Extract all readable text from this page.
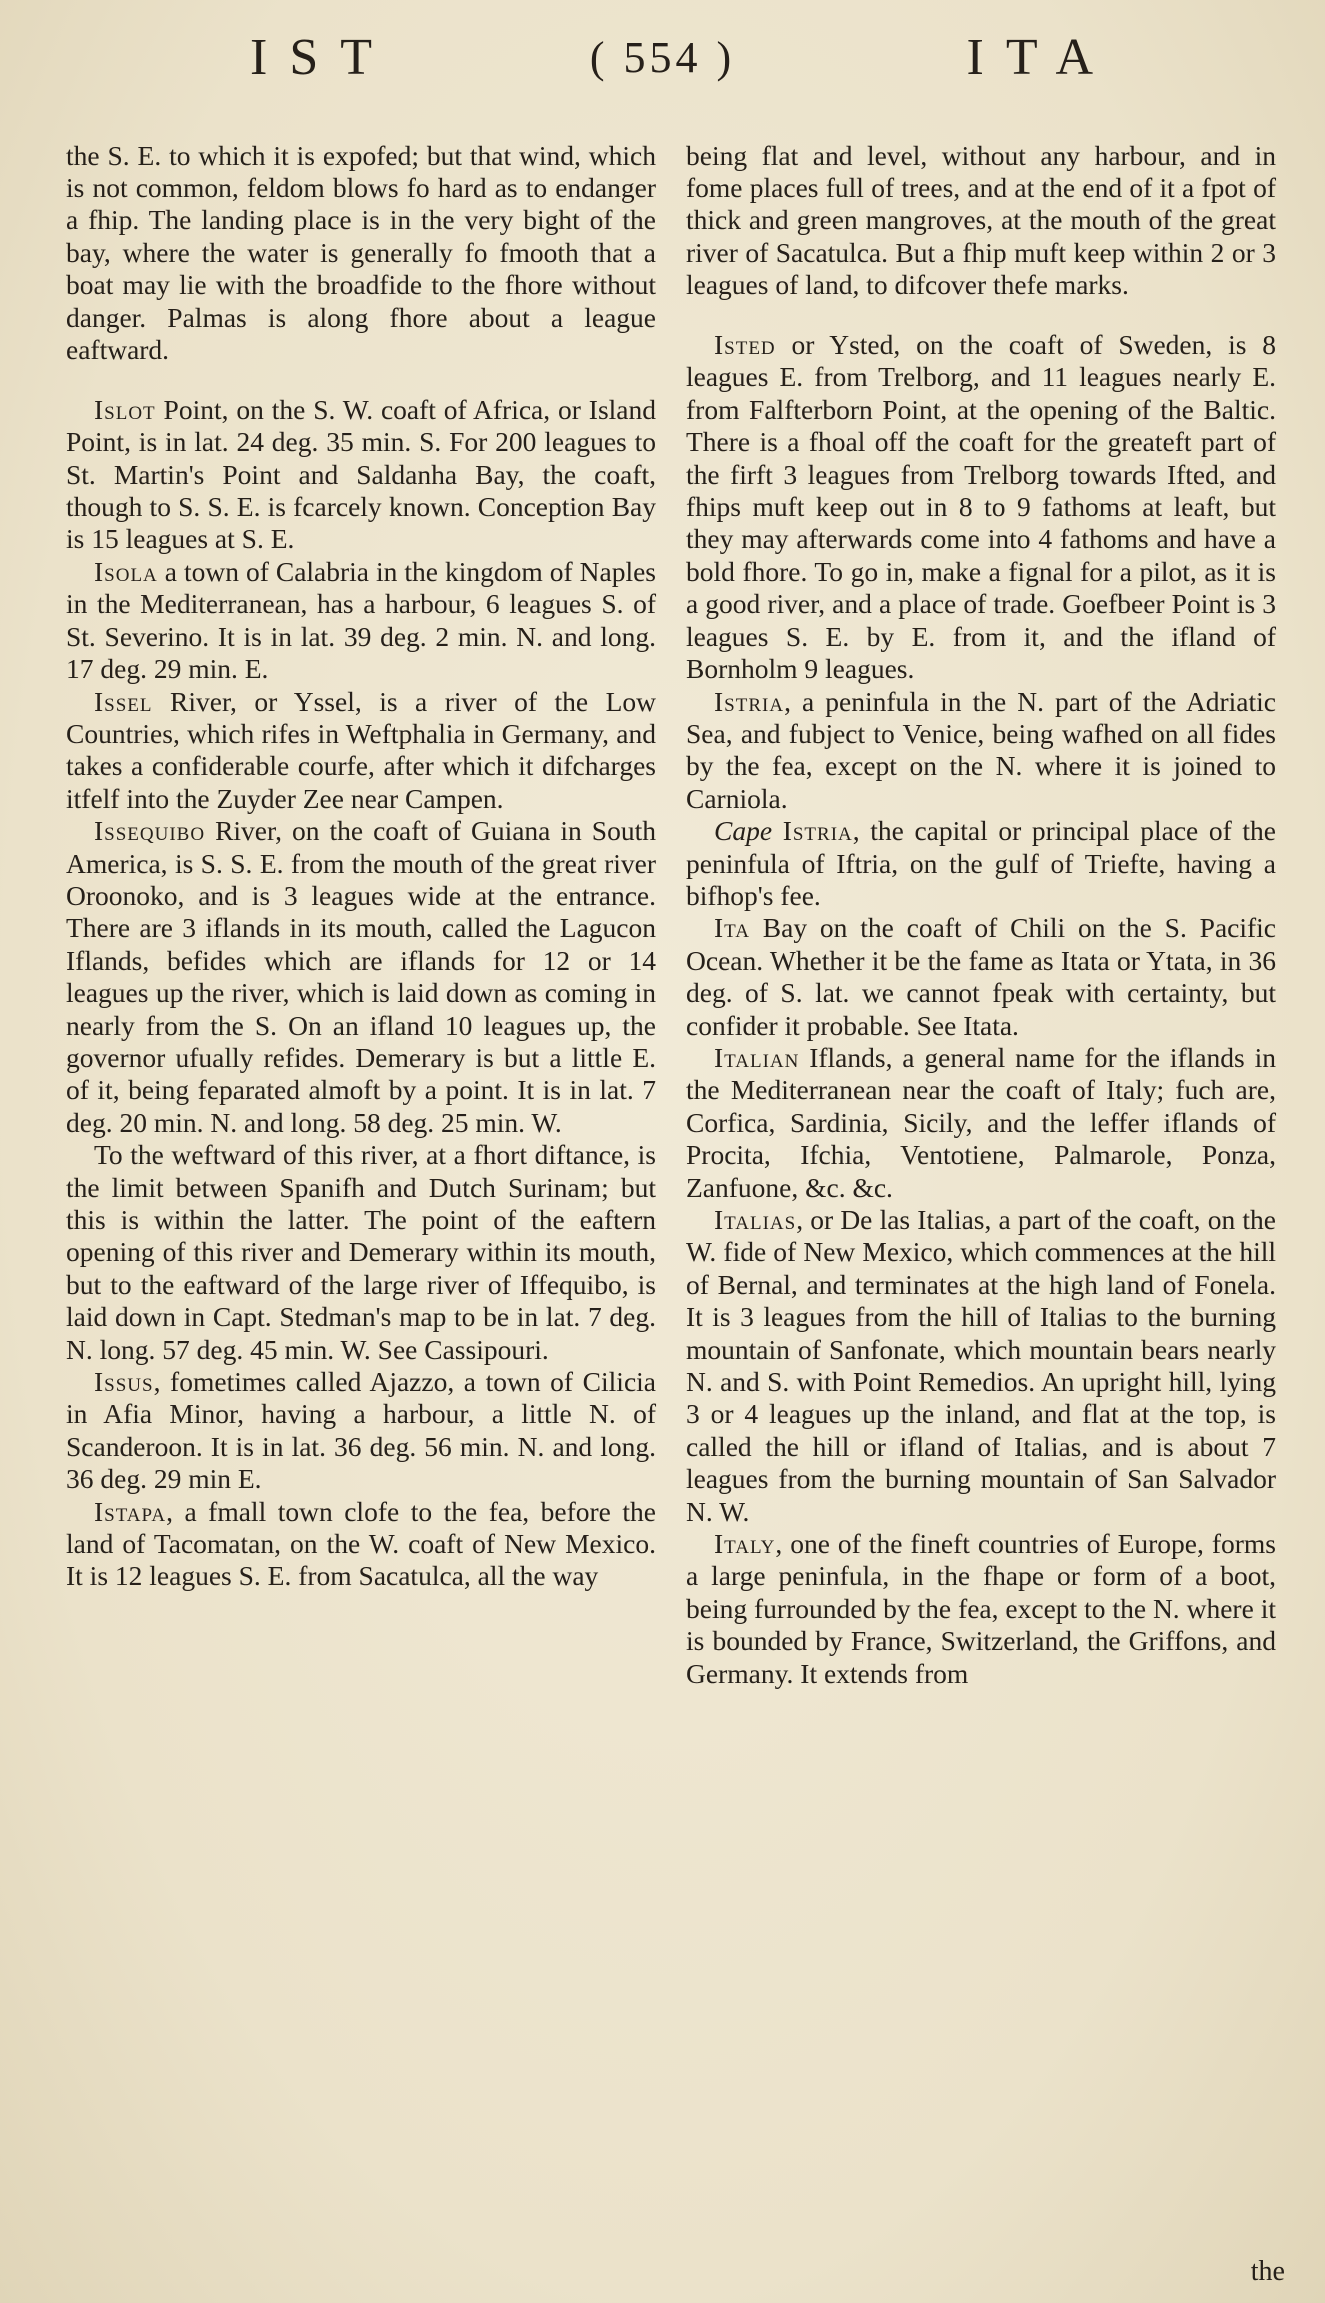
IST	( 554 )	ITA

the S. E. to which it is expofed; but that wind, which is not common, feldom blows fo hard as to endanger a fhip. The landing place is in the very bight of the bay, where the water is generally fo fmooth that a boat may lie with the broadfide to the fhore without danger. Palmas is along fhore about a league eaftward.

Islot Point, on the S. W. coaft of Africa, or Island Point, is in lat. 24 deg. 35 min. S. For 200 leagues to St. Martin's Point and Saldanha Bay, the coaft, though to S. S. E. is fcarcely known. Conception Bay is 15 leagues at S. E.

Isola a town of Calabria in the kingdom of Naples in the Mediterranean, has a harbour, 6 leagues S. of St. Severino. It is in lat. 39 deg. 2 min. N. and long. 17 deg. 29 min. E.

Issel River, or Yssel, is a river of the Low Countries, which rifes in Weftphalia in Germany, and takes a confiderable courfe, after which it difcharges itfelf into the Zuyder Zee near Campen.

Issequibo River, on the coaft of Guiana in South America, is S. S. E. from the mouth of the great river Oroonoko, and is 3 leagues wide at the entrance. There are 3 iflands in its mouth, called the Lagucon Iflands, befides which are iflands for 12 or 14 leagues up the river, which is laid down as coming in nearly from the S. On an ifland 10 leagues up, the governor ufually refides. Demerary is but a little E. of it, being feparated almoft by a point. It is in lat. 7 deg. 20 min. N. and long. 58 deg. 25 min. W.

To the weftward of this river, at a fhort diftance, is the limit between Spanifh and Dutch Surinam; but this is within the latter. The point of the eaftern opening of this river and Demerary within its mouth, but to the eaftward of the large river of Iffequibo, is laid down in Capt. Stedman's map to be in lat. 7 deg. N. long. 57 deg. 45 min. W. See Cassipouri.

Issus, fometimes called Ajazzo, a town of Cilicia in Afia Minor, having a harbour, a little N. of Scanderoon. It is in lat. 36 deg. 56 min. N. and long. 36 deg. 29 min E.

Istapa, a fmall town clofe to the fea, before the land of Tacomatan, on the W. coaft of New Mexico. It is 12 leagues S. E. from Sacatulca, all the way

being flat and level, without any harbour, and in fome places full of trees, and at the end of it a fpot of thick and green mangroves, at the mouth of the great river of Sacatulca. But a fhip muft keep within 2 or 3 leagues of land, to difcover thefe marks.

Isted or Ysted, on the coaft of Sweden, is 8 leagues E. from Trelborg, and 11 leagues nearly E. from Falfterborn Point, at the opening of the Baltic. There is a fhoal off the coaft for the greateft part of the firft 3 leagues from Trelborg towards Ifted, and fhips muft keep out in 8 to 9 fathoms at leaft, but they may afterwards come into 4 fathoms and have a bold fhore. To go in, make a fignal for a pilot, as it is a good river, and a place of trade. Goefbeer Point is 3 leagues S. E. by E. from it, and the ifland of Bornholm 9 leagues.

Istria, a peninfula in the N. part of the Adriatic Sea, and fubject to Venice, being wafhed on all fides by the fea, except on the N. where it is joined to Carniola.

Cape Istria, the capital or principal place of the peninfula of Iftria, on the gulf of Triefte, having a bifhop's fee.

Ita Bay on the coaft of Chili on the S. Pacific Ocean. Whether it be the fame as Itata or Ytata, in 36 deg. of S. lat. we cannot fpeak with certainty, but confider it probable. See Itata.

Italian Iflands, a general name for the iflands in the Mediterranean near the coaft of Italy; fuch are, Corfica, Sardinia, Sicily, and the leffer iflands of Procita, Ifchia, Ventotiene, Palmarole, Ponza, Zanfuone, &c. &c.

Italias, or De las Italias, a part of the coaft, on the W. fide of New Mexico, which commences at the hill of Bernal, and terminates at the high land of Fonela. It is 3 leagues from the hill of Italias to the burning mountain of Sanfonate, which mountain bears nearly N. and S. with Point Remedios. An upright hill, lying 3 or 4 leagues up the inland, and flat at the top, is called the hill or ifland of Italias, and is about 7 leagues from the burning mountain of San Salvador N. W.

Italy, one of the fineft countries of Europe, forms a large peninfula, in the fhape or form of a boot, being furrounded by the fea, except to the N. where it is bounded by France, Switzerland, the Griffons, and Germany. It extends from

the
